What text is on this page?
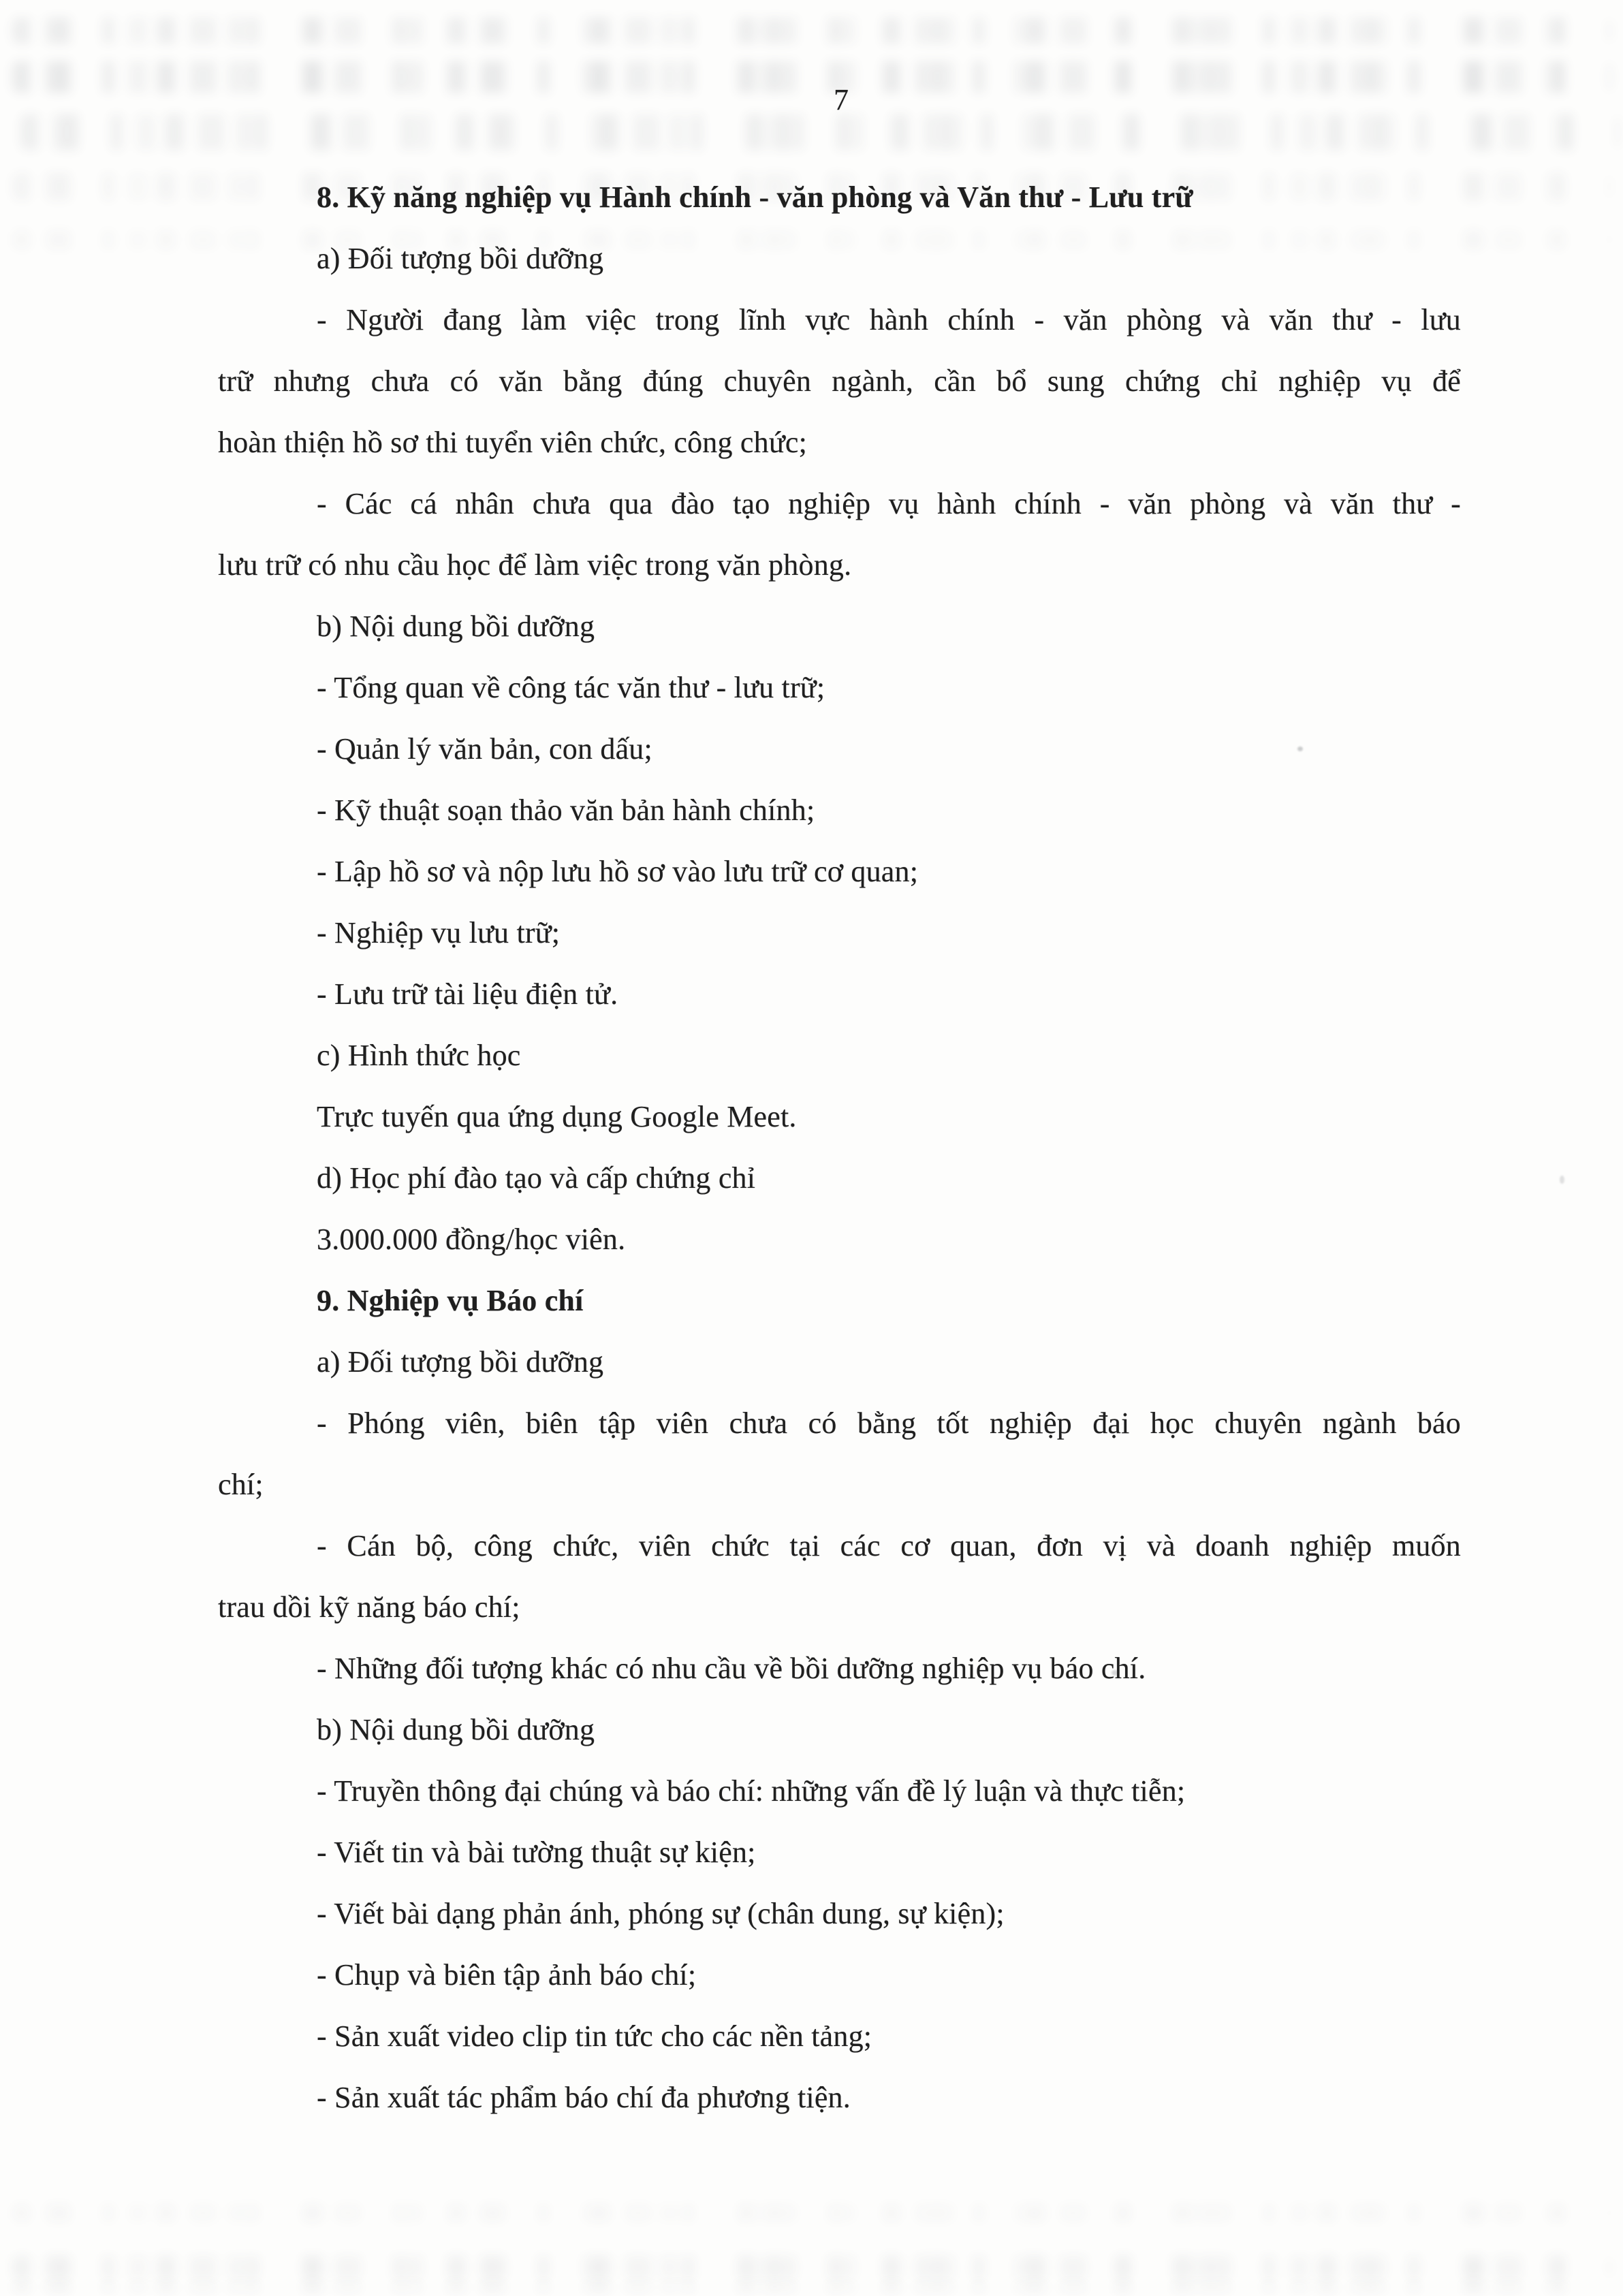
7
8. Kỹ năng nghiệp vụ Hành chính - văn phòng và Văn thư - Lưu trữ
a) Đối tượng bồi dưỡng
- Người đang làm việc trong lĩnh vực hành chính - văn phòng và văn thư - lưu
trữ nhưng chưa có văn bằng đúng chuyên ngành, cần bổ sung chứng chỉ nghiệp vụ để
hoàn thiện hồ sơ thi tuyển viên chức, công chức;
- Các cá nhân chưa qua đào tạo nghiệp vụ hành chính - văn phòng và văn thư -
lưu trữ có nhu cầu học để làm việc trong văn phòng.
b) Nội dung bồi dưỡng
- Tổng quan về công tác văn thư - lưu trữ;
- Quản lý văn bản, con dấu;
- Kỹ thuật soạn thảo văn bản hành chính;
- Lập hồ sơ và nộp lưu hồ sơ vào lưu trữ cơ quan;
- Nghiệp vụ lưu trữ;
- Lưu trữ tài liệu điện tử.
c) Hình thức học
Trực tuyến qua ứng dụng Google Meet.
d) Học phí đào tạo và cấp chứng chỉ
3.000.000 đồng/học viên.
9. Nghiệp vụ Báo chí
a) Đối tượng bồi dưỡng
- Phóng viên, biên tập viên chưa có bằng tốt nghiệp đại học chuyên ngành báo
chí;
- Cán bộ, công chức, viên chức tại các cơ quan, đơn vị và doanh nghiệp muốn
trau dồi kỹ năng báo chí;
- Những đối tượng khác có nhu cầu về bồi dưỡng nghiệp vụ báo chí.
b) Nội dung bồi dưỡng
- Truyền thông đại chúng và báo chí: những vấn đề lý luận và thực tiễn;
- Viết tin và bài tường thuật sự kiện;
- Viết bài dạng phản ánh, phóng sự (chân dung, sự kiện);
- Chụp và biên tập ảnh báo chí;
- Sản xuất video clip tin tức cho các nền tảng;
- Sản xuất tác phẩm báo chí đa phương tiện.
